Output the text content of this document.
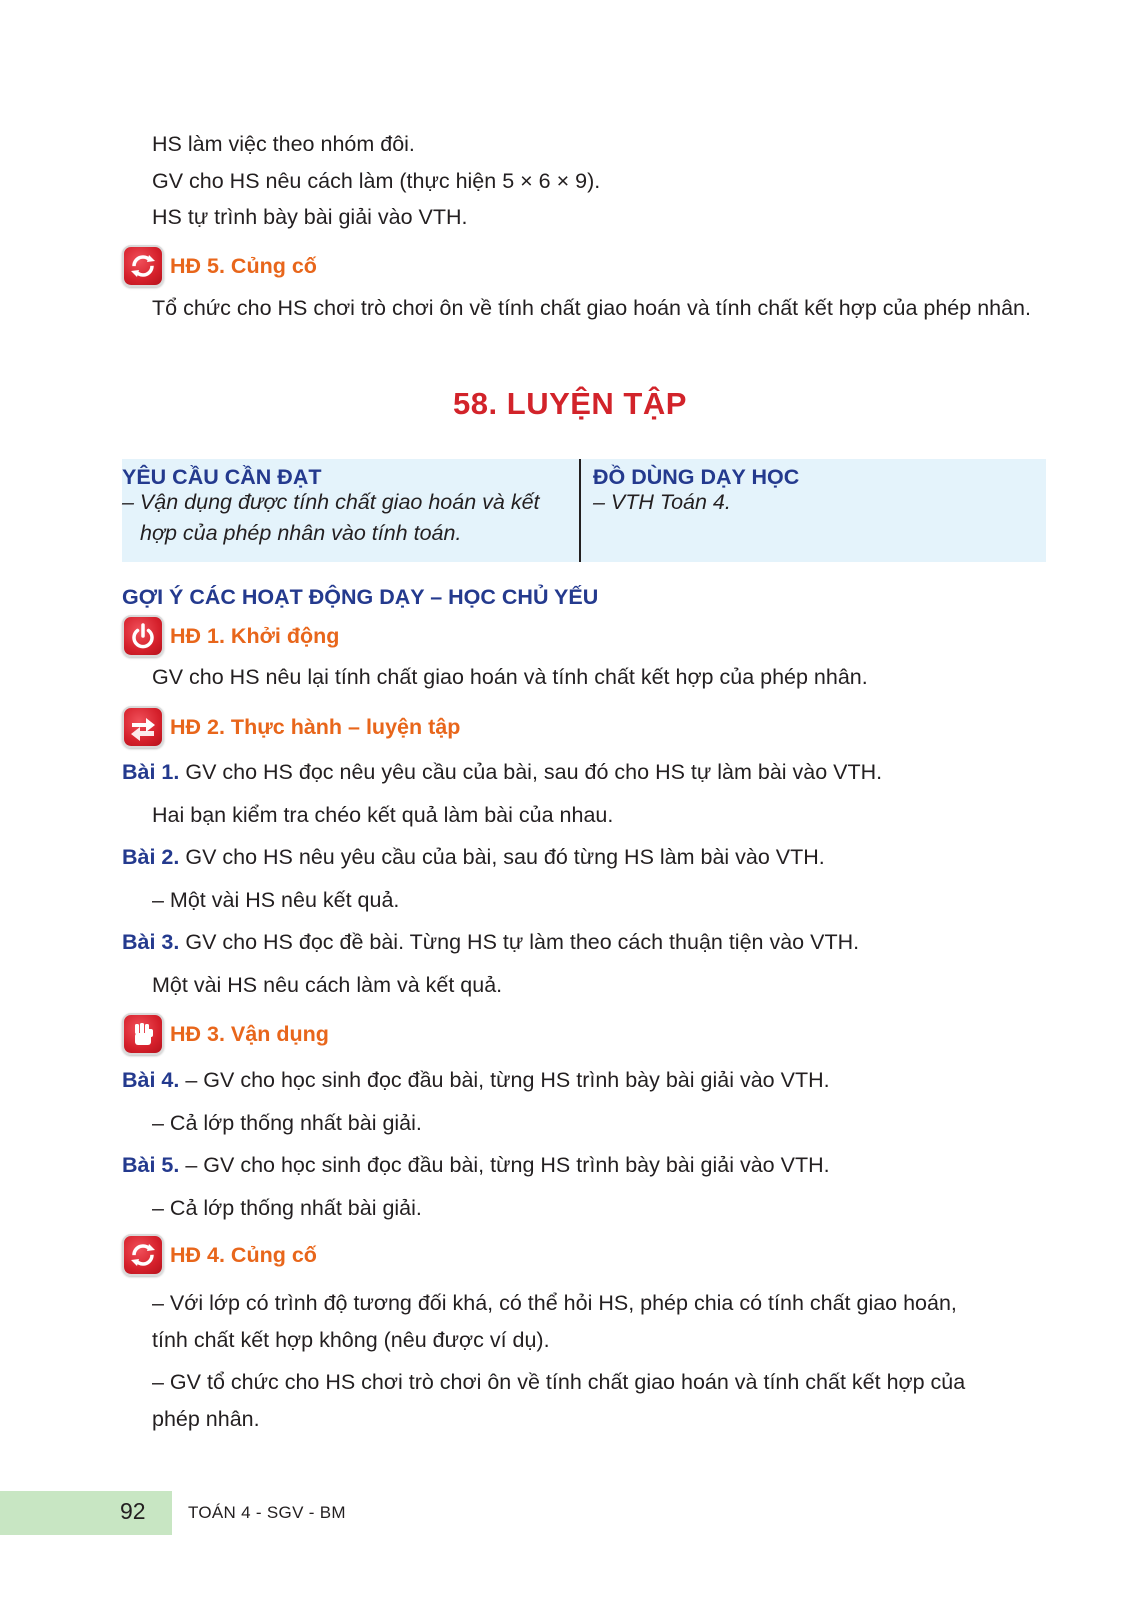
HS làm việc theo nhóm đôi.
GV cho HS nêu cách làm (thực hiện 5 × 6 × 9).
HS tự trình bày bài giải vào VTH.
HĐ 5. Củng cố
Tổ chức cho HS chơi trò chơi ôn về tính chất giao hoán và tính chất kết hợp của phép nhân.
58. LUYỆN TẬP
YÊU CẦU CẦN ĐẠT
– Vận dụng được tính chất giao hoán và kết
hợp của phép nhân vào tính toán.
ĐỒ DÙNG DẠY HỌC
– VTH Toán 4.
GỢI Ý CÁC HOẠT ĐỘNG DẠY – HỌC CHỦ YẾU
HĐ 1. Khởi động
GV cho HS nêu lại tính chất giao hoán và tính chất kết hợp của phép nhân.
HĐ 2. Thực hành – luyện tập
Bài 1. GV cho HS đọc nêu yêu cầu của bài, sau đó cho HS tự làm bài vào VTH.
Hai bạn kiểm tra chéo kết quả làm bài của nhau.
Bài 2. GV cho HS nêu yêu cầu của bài, sau đó từng HS làm bài vào VTH.
– Một vài HS nêu kết quả.
Bài 3. GV cho HS đọc đề bài. Từng HS tự làm theo cách thuận tiện vào VTH.
Một vài HS nêu cách làm và kết quả.
HĐ 3. Vận dụng
Bài 4. – GV cho học sinh đọc đầu bài, từng HS trình bày bài giải vào VTH.
– Cả lớp thống nhất bài giải.
Bài 5. – GV cho học sinh đọc đầu bài, từng HS trình bày bài giải vào VTH.
– Cả lớp thống nhất bài giải.
HĐ 4. Củng cố
– Với lớp có trình độ tương đối khá, có thể hỏi HS, phép chia có tính chất giao hoán,
tính chất kết hợp không (nêu được ví dụ).
– GV tổ chức cho HS chơi trò chơi ôn về tính chất giao hoán và tính chất kết hợp của
phép nhân.
92 TOÁN 4 - SGV - BM
